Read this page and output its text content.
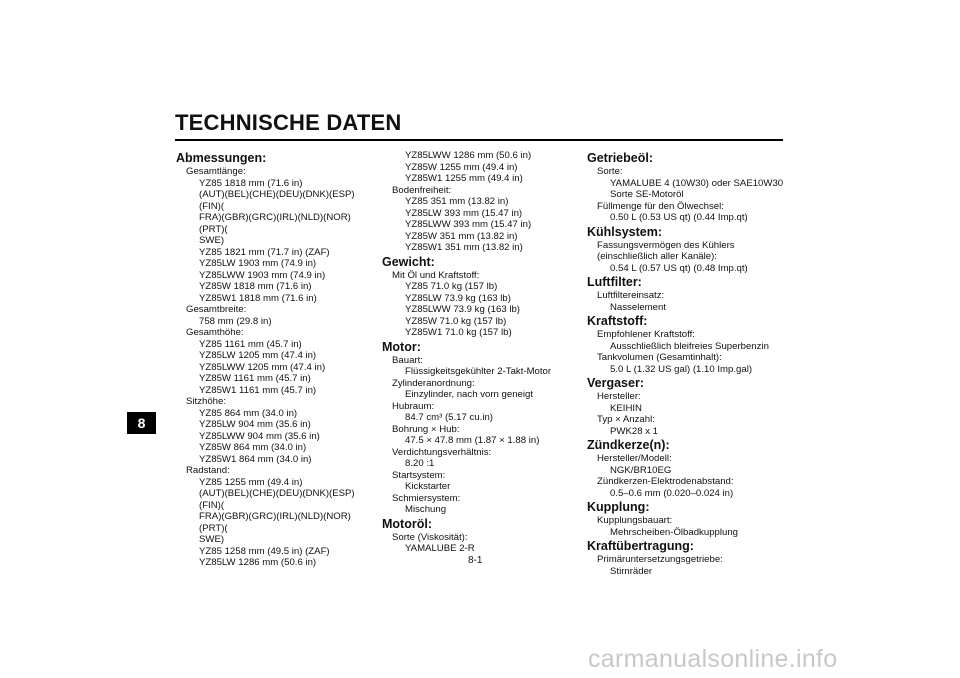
TECHNISCHE DATEN
8
Abmessungen:
Gesamtlänge:
YZ85 1818 mm (71.6 in)
(AUT)(BEL)(CHE)(DEU)(DNK)(ESP)(FIN)(
FRA)(GBR)(GRC)(IRL)(NLD)(NOR)(PRT)(
SWE)
YZ85 1821 mm (71.7 in) (ZAF)
YZ85LW 1903 mm (74.9 in)
YZ85LWW 1903 mm (74.9 in)
YZ85W 1818 mm (71.6 in)
YZ85W1 1818 mm (71.6 in)
Gesamtbreite:
758 mm (29.8 in)
Gesamthöhe:
YZ85 1161 mm (45.7 in)
YZ85LW 1205 mm (47.4 in)
YZ85LWW 1205 mm (47.4 in)
YZ85W 1161 mm (45.7 in)
YZ85W1 1161 mm (45.7 in)
Sitzhöhe:
YZ85 864 mm (34.0 in)
YZ85LW 904 mm (35.6 in)
YZ85LWW 904 mm (35.6 in)
YZ85W 864 mm (34.0 in)
YZ85W1 864 mm (34.0 in)
Radstand:
YZ85 1255 mm (49.4 in)
(AUT)(BEL)(CHE)(DEU)(DNK)(ESP)(FIN)(
FRA)(GBR)(GRC)(IRL)(NLD)(NOR)(PRT)(
SWE)
YZ85 1258 mm (49.5 in) (ZAF)
YZ85LW 1286 mm (50.6 in)
YZ85LWW 1286 mm (50.6 in)
YZ85W 1255 mm (49.4 in)
YZ85W1 1255 mm (49.4 in)
Bodenfreiheit:
YZ85 351 mm (13.82 in)
YZ85LW 393 mm (15.47 in)
YZ85LWW 393 mm (15.47 in)
YZ85W 351 mm (13.82 in)
YZ85W1 351 mm (13.82 in)
Gewicht:
Mit Öl und Kraftstoff:
YZ85 71.0 kg (157 lb)
YZ85LW 73.9 kg (163 lb)
YZ85LWW 73.9 kg (163 lb)
YZ85W 71.0 kg (157 lb)
YZ85W1 71.0 kg (157 lb)
Motor:
Bauart:
Flüssigkeitsgekühlter 2-Takt-Motor
Zylinderanordnung:
Einzylinder, nach vorn geneigt
Hubraum:
84.7 cm³ (5.17 cu.in)
Bohrung × Hub:
47.5 × 47.8 mm (1.87 × 1.88 in)
Verdichtungsverhältnis:
8.20 :1
Startsystem:
Kickstarter
Schmiersystem:
Mischung
Motoröl:
Sorte (Viskosität):
YAMALUBE 2-R
Getriebeöl:
Sorte:
YAMALUBE 4 (10W30) oder SAE10W30
Sorte SE-Motoröl
Füllmenge für den Ölwechsel:
0.50 L (0.53 US qt) (0.44 Imp.qt)
Kühlsystem:
Fassungsvermögen des Kühlers
(einschließlich aller Kanäle):
0.54 L (0.57 US qt) (0.48 Imp.qt)
Luftfilter:
Luftfiltereinsatz:
Nasselement
Kraftstoff:
Empfohlener Kraftstoff:
Ausschließlich bleifreies Superbenzin
Tankvolumen (Gesamtinhalt):
5.0 L (1.32 US gal) (1.10 Imp.gal)
Vergaser:
Hersteller:
KEIHIN
Typ × Anzahl:
PWK28 x 1
Zündkerze(n):
Hersteller/Modell:
NGK/BR10EG
Zündkerzen-Elektrodenabstand:
0.5–0.6 mm (0.020–0.024 in)
Kupplung:
Kupplungsbauart:
Mehrscheiben-Ölbadkupplung
Kraftübertragung:
Primäruntersetzungsgetriebe:
Stirnräder
8-1
carmanualsonline.info
